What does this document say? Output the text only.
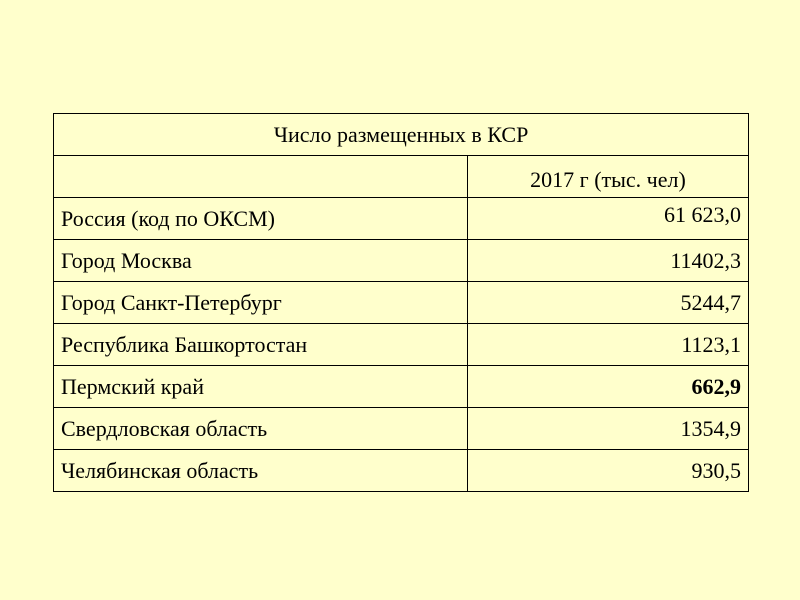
Число размещенных в КСР	
	2017 г (тыс. чел)
Россия (код по ОКСМ)	61 623,0
Город Москва	11402,3
Город Санкт-Петербург	5244,7
Республика Башкортостан	1123,1
Пермский край	662,9
Свердловская область	1354,9
Челябинская область	930,5
